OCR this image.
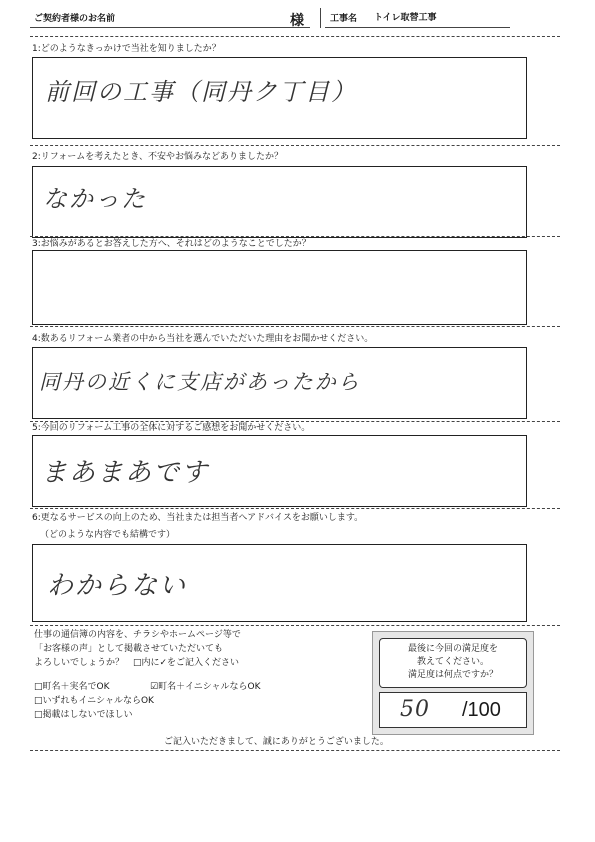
ご契約者様のお名前	様	工事名 トイレ取替工事
1:どのようなきっかけで当社を知りましたか？
前回の工事（同丹ク丁目）
2:リフォームを考えたとき、不安やお悩みなどありましたか？
なかった
3:お悩みがあるとお答えした方へ、それはどのようなことでしたか？
4:数あるリフォーム業者の中から当社を選んでいただいた理由をお聞かせください。
同丹の近くに支店があったから
5:今回のリフォーム工事の全体に対するご感想をお聞かせください。
まあまあです
6:更なるサービスの向上のため、当社または担当者へアドバイスをお願いします。
（どのような内容でも結構です）
わからない
仕事の通信簿の内容を、チラシやホームページ等で
「お客様の声」として掲載させていただいても
よろしいでしょうか？　□内に✓をご記入ください
□町名＋実名でOK	☑町名＋イニシャルならOK
□いずれもイニシャルならOK
□掲載はしないでほしい
最後に今回の満足度を
教えてください。
満足度は何点ですか？
50 /100
ご記入いただきまして、誠にありがとうございました。
